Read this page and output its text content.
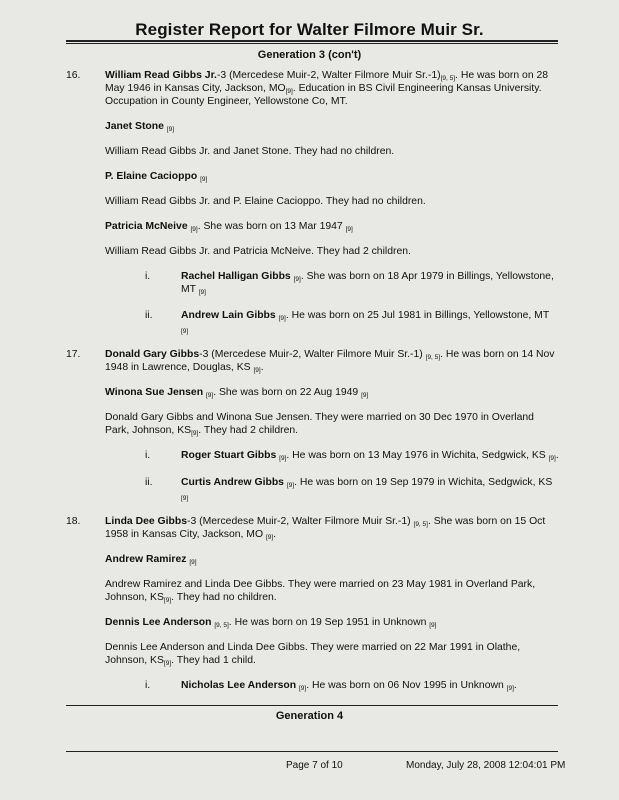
Register Report for Walter Filmore Muir Sr.
Generation 3 (con't)
16. William Read Gibbs Jr.-3 (Mercedese Muir-2, Walter Filmore Muir Sr.-1)[9, 5]. He was born on 28
May 1946 in Kansas City, Jackson, MO[9]. Education in BS Civil Engineering Kansas University.
Occupation in County Engineer, Yellowstone Co, MT.
Janet Stone [9]
William Read Gibbs Jr. and Janet Stone. They had no children.
P. Elaine Cacioppo [9]
William Read Gibbs Jr. and P. Elaine Cacioppo. They had no children.
Patricia McNeive [9]. She was born on 13 Mar 1947 [9]
William Read Gibbs Jr. and Patricia McNeive. They had 2 children.
i.	Rachel Halligan Gibbs [9]. She was born on 18 Apr 1979 in Billings, Yellowstone,
MT [9]
ii.	Andrew Lain Gibbs [9]. He was born on 25 Jul 1981 in Billings, Yellowstone, MT
[9]
17. Donald Gary Gibbs-3 (Mercedese Muir-2, Walter Filmore Muir Sr.-1) [9, 5]. He was born on 14 Nov
1948 in Lawrence, Douglas, KS [9].
Winona Sue Jensen [9]. She was born on 22 Aug 1949 [9]
Donald Gary Gibbs and Winona Sue Jensen. They were married on 30 Dec 1970 in Overland
Park, Johnson, KS[9]. They had 2 children.
i.	Roger Stuart Gibbs [9]. He was born on 13 May 1976 in Wichita, Sedgwick, KS [9].
ii.	Curtis Andrew Gibbs [9]. He was born on 19 Sep 1979 in Wichita, Sedgwick, KS
[9]
18. Linda Dee Gibbs-3 (Mercedese Muir-2, Walter Filmore Muir Sr.-1) [9, 5]. She was born on 15 Oct
1958 in Kansas City, Jackson, MO [9].
Andrew Ramirez [9]
Andrew Ramirez and Linda Dee Gibbs. They were married on 23 May 1981 in Overland Park,
Johnson, KS[9]. They had no children.
Dennis Lee Anderson [9, 5]. He was born on 19 Sep 1951 in Unknown [9]
Dennis Lee Anderson and Linda Dee Gibbs. They were married on 22 Mar 1991 in Olathe,
Johnson, KS[9]. They had 1 child.
i.	Nicholas Lee Anderson [9]. He was born on 06 Nov 1995 in Unknown [9].
Generation 4
Page 7 of 10	Monday, July 28, 2008 12:04:01 PM
